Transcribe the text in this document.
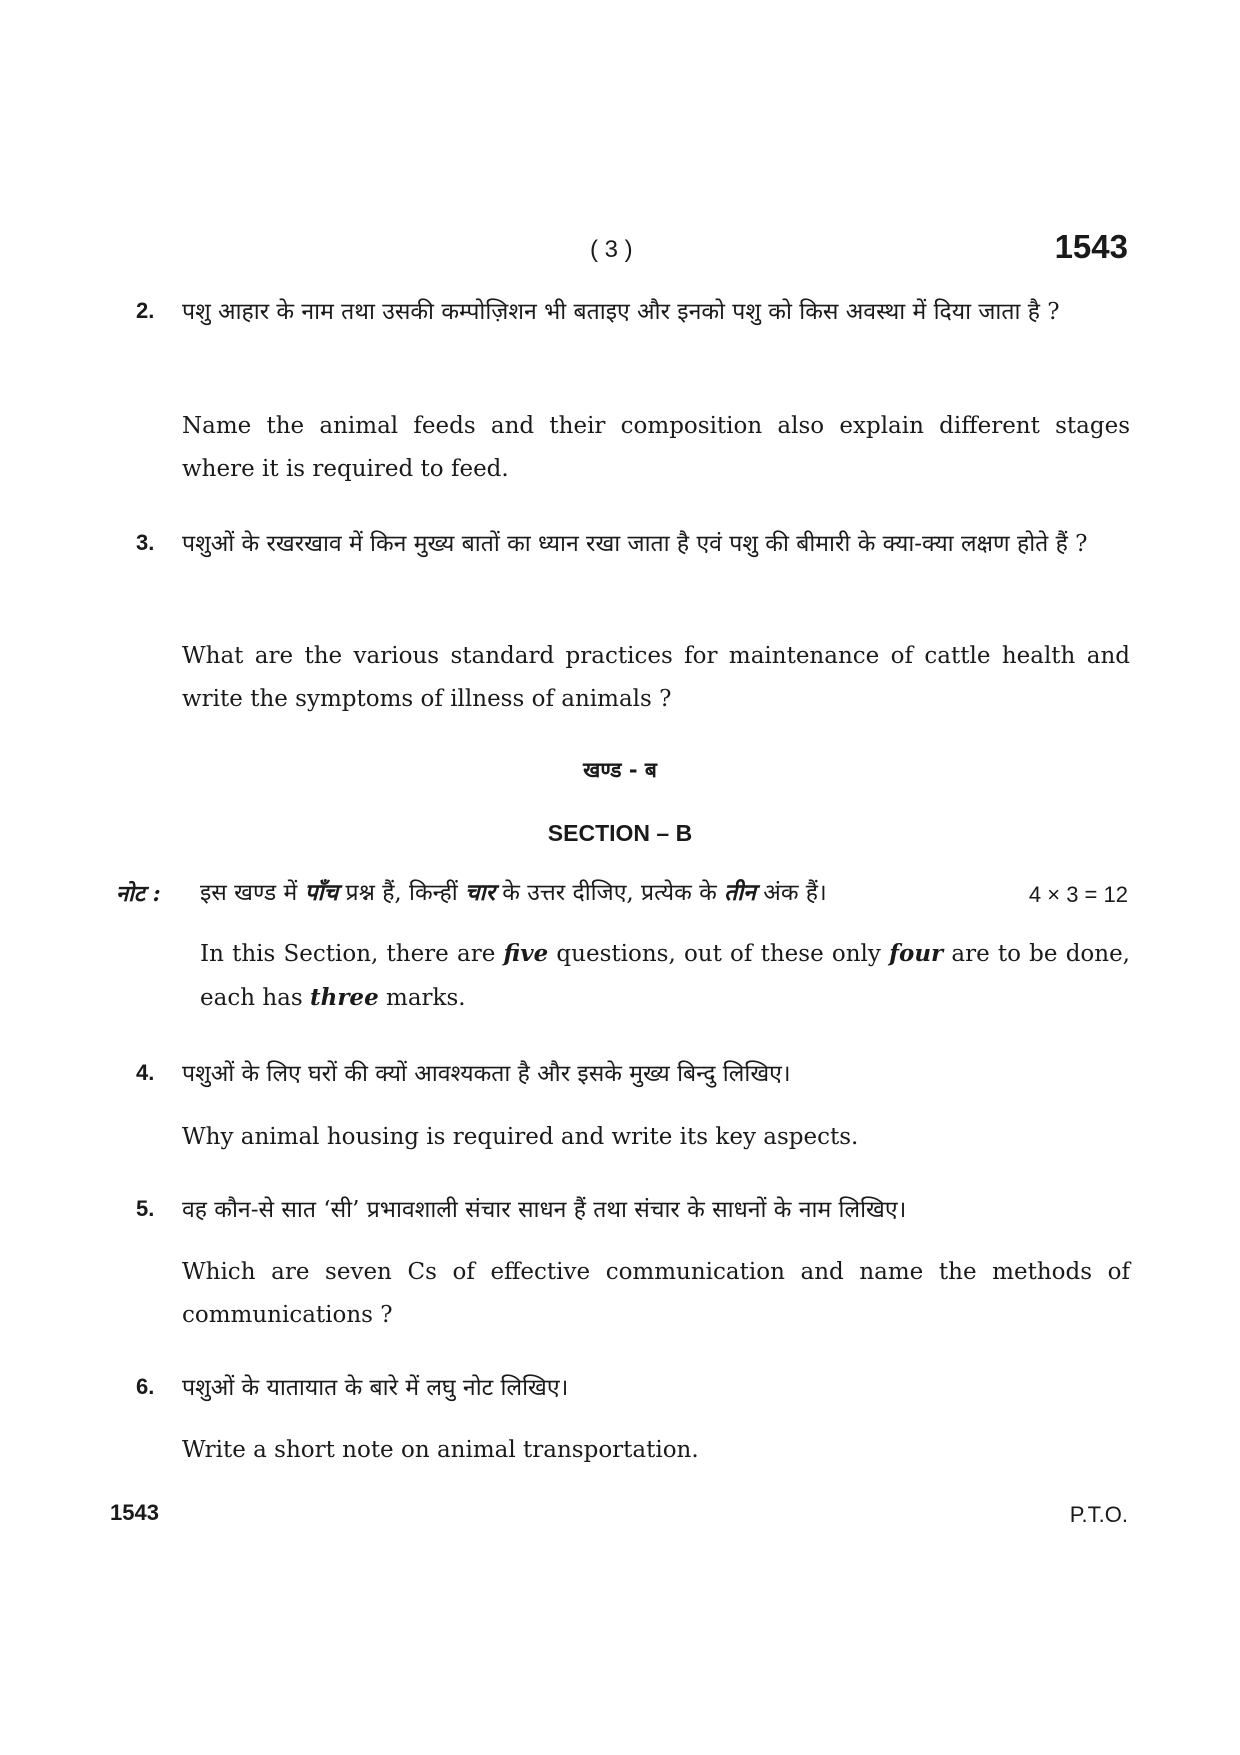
( 3 )	1543
2. पशु आहार के नाम तथा उसकी कम्पोज़िशन भी बताइए और इनको पशु को किस अवस्था में दिया जाता है ?
Name the animal feeds and their composition also explain different stages where it is required to feed.
3. पशुओं के रखरखाव में किन मुख्य बातों का ध्यान रखा जाता है एवं पशु की बीमारी के क्या-क्या लक्षण होते हैं ?
What are the various standard practices for maintenance of cattle health and write the symptoms of illness of animals ?
खण्ड - ब
SECTION – B
नोट : इस खण्ड में पाँच प्रश्न हैं, किन्हीं चार के उत्तर दीजिए, प्रत्येक के तीन अंक हैं।	4 × 3 = 12
In this Section, there are five questions, out of these only four are to be done, each has three marks.
4. पशुओं के लिए घरों की क्यों आवश्यकता है और इसके मुख्य बिन्दु लिखिए।
Why animal housing is required and write its key aspects.
5. वह कौन-से सात ‘सी’ प्रभावशाली संचार साधन हैं तथा संचार के साधनों के नाम लिखिए।
Which are seven Cs of effective communication and name the methods of communications ?
6. पशुओं के यातायात के बारे में लघु नोट लिखिए।
Write a short note on animal transportation.
1543	P.T.O.
